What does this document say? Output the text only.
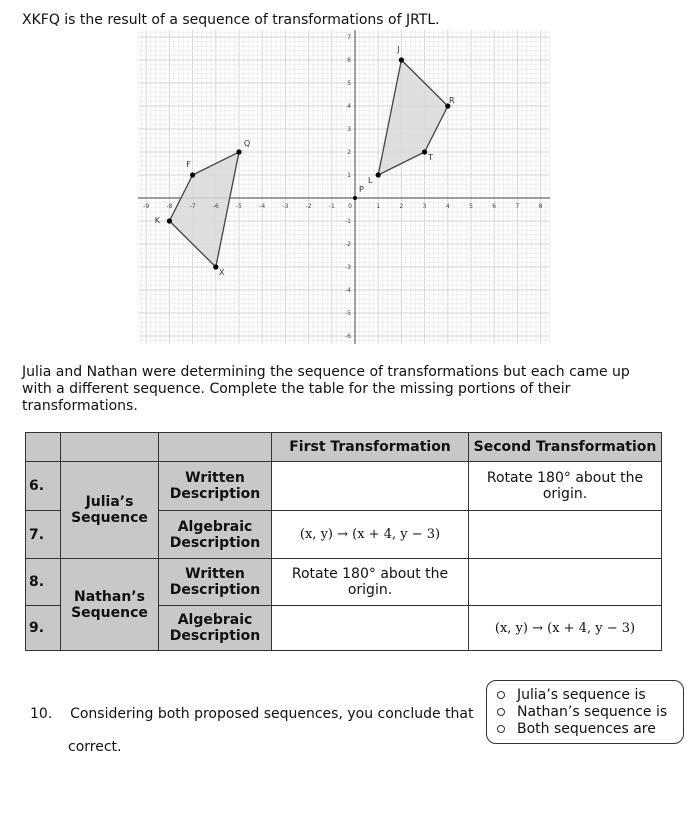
XKFQ is the result of a sequence of transformations of JRTL.
-9	-8	-7	-6	-5	-4	-3	-2	-1 0	1	2	3	4	5	6	7	8
-6
-5
-4
-3
-2
-1
1
2
3
4
5
6
7
J
R
T
L
X
K
F
Q
P
Julia and Nathan were determining the sequence of transformations but each came up with a different sequence. Complete the table for the missing portions of their transformations.
			First Transformation	Second Transformation
6.	Julia’s Sequence	Written Description		Rotate 180° about the origin.
7.		Algebraic Description	(x, y) → (x + 4, y − 3)	
8.	Nathan’s Sequence	Written Description	Rotate 180° about the origin.	
9.		Algebraic Description		(x, y) → (x + 4, y − 3)
10. Considering both proposed sequences, you conclude that
correct.
Julia’s sequence is
Nathan’s sequence is
Both sequences are
